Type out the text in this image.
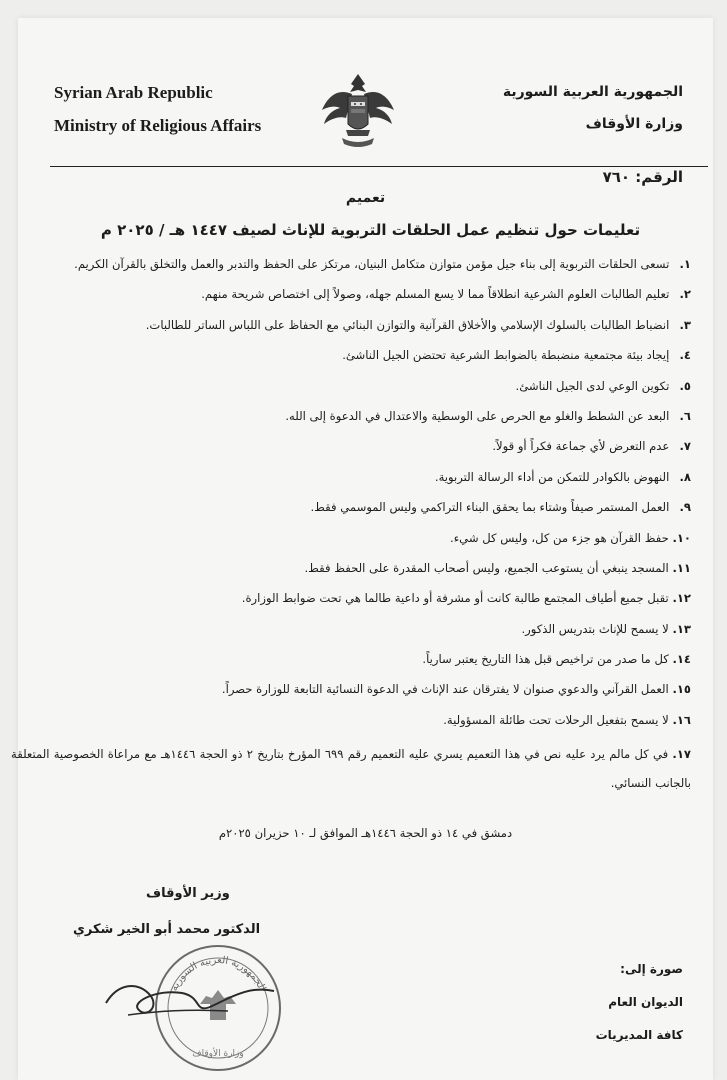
Syrian Arab Republic
Ministry of Religious Affairs
الجمهورية العربية السورية
وزارة الأوقاف
الرقم: ٧٦٠
تعميم
تعليمات حول تنظيم عمل الحلقات التربوية للإناث لصيف ١٤٤٧ هـ / ٢٠٢٥ م
١. تسعى الحلقات التربوية إلى بناء جيل مؤمن متوازن متكامل البنيان، مرتكز على الحفظ والتدبر والعمل والتخلق بالقرآن الكريم.
٢. تعليم الطالبات العلوم الشرعية انطلاقاً مما لا يسع المسلم جهله، وصولاً إلى اختصاص شريحة منهم.
٣. انضباط الطالبات بالسلوك الإسلامي والأخلاق القرآنية والتوازن البنائي مع الحفاظ على اللباس الساتر للطالبات.
٤. إيجاد بيئة مجتمعية منضبطة بالضوابط الشرعية تحتضن الجيل الناشئ.
٥. تكوين الوعي لدى الجيل الناشئ.
٦. البعد عن الشطط والغلو مع الحرص على الوسطية والاعتدال في الدعوة إلى الله.
٧. عدم التعرض لأي جماعة فكراً أو قولاً.
٨. النهوض بالكوادر للتمكن من أداء الرسالة التربوية.
٩. العمل المستمر صيفاً وشتاء بما يحقق البناء التراكمي وليس الموسمي فقط.
١٠. حفظ القرآن هو جزء من كل، وليس كل شيء.
١١. المسجد ينبغي أن يستوعب الجميع، وليس أصحاب المقدرة على الحفظ فقط.
١٢. تقبل جميع أطياف المجتمع طالبة كانت أو مشرفة أو داعية طالما هي تحت ضوابط الوزارة.
١٣. لا يسمح للإناث بتدريس الذكور.
١٤. كل ما صدر من تراخيص قبل هذا التاريخ يعتبر سارياً.
١٥. العمل القرآني والدعوي صنوان لا يفترقان عند الإناث في الدعوة النسائية التابعة للوزارة حصراً.
١٦. لا يسمح بتفعيل الرحلات تحت طائلة المسؤولية.
١٧. في كل مالم يرد عليه نص في هذا التعميم يسري عليه التعميم رقم ٦٩٩ المؤرخ بتاريخ ٢ ذو الحجة ١٤٤٦هـ مع مراعاة الخصوصية المتعلقة بالجانب النسائي.
دمشق في ١٤ ذو الحجة ١٤٤٦هـ الموافق لـ ١٠ حزيران ٢٠٢٥م
وزير الأوقاف
الدكتور محمد أبو الخير شكري
الجمهورية العربية السورية
وزارة الأوقاف
صورة إلى:
الديوان العام
كافة المديريات
